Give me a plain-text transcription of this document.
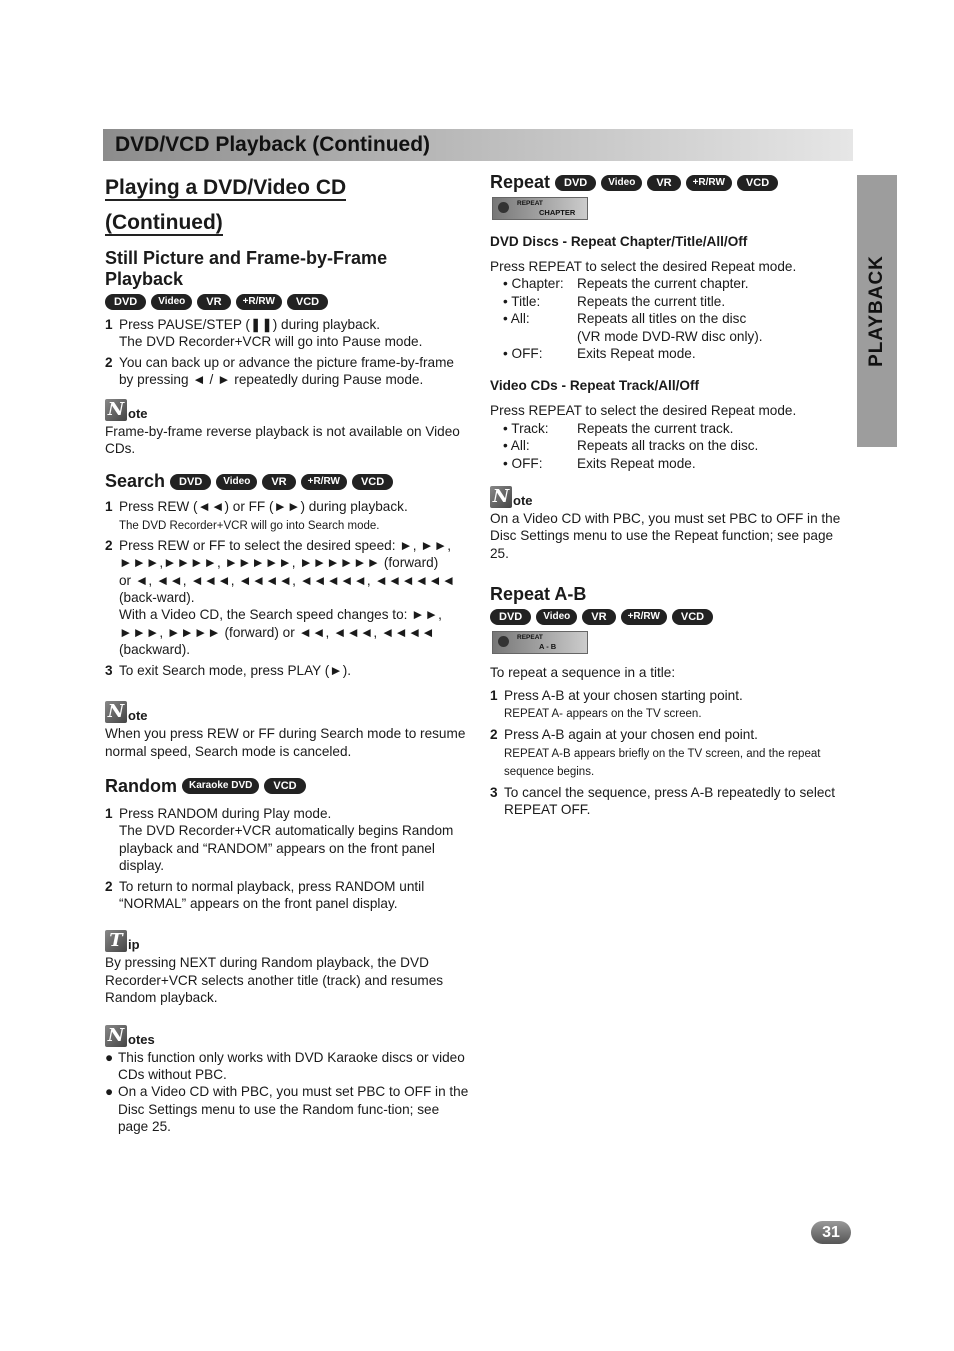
DVD/VCD Playback (Continued)
PLAYBACK
Playing a DVD/Video CD
(Continued)
Still Picture and Frame-by-Frame Playback
DVD	Video	VR	+R/RW	VCD
1 Press PAUSE/STEP (❚❚) during playback.
The DVD Recorder+VCR will go into Pause mode.
2 You can back up or advance the picture frame-by-frame by pressing ◄ / ► repeatedly during Pause mode.
N ote

Frame-by-frame reverse playback is not available on Video CDs.

Search	DVD	Video	VR	+R/RW	VCD
1 Press REW (◄◄) or FF (►►) during playback.
The DVD Recorder+VCR will go into Search mode.
2 Press REW or FF to select the desired speed: ►, ►►, ►►►,►►►►, ►►►►►, ►►►►►► (forward)
or ◄, ◄◄, ◄◄◄, ◄◄◄◄, ◄◄◄◄◄, ◄◄◄◄◄◄ (back-ward).
With a Video CD, the Search speed changes to: ►►, ►►►, ►►►► (forward) or ◄◄, ◄◄◄, ◄◄◄◄ (backward).
3 To exit Search mode, press PLAY (►).
N ote

When you press REW or FF during Search mode to resume normal speed, Search mode is canceled.

Random	Karaoke DVD	VCD
1 Press RANDOM during Play mode.
The DVD Recorder+VCR automatically begins Random playback and “RANDOM” appears on the front panel display.
2 To return to normal playback, press RANDOM until “NORMAL” appears on the front panel display.
T ip

By pressing NEXT during Random playback, the DVD Recorder+VCR selects another title (track) and resumes Random playback.

N otes
● This function only works with DVD Karaoke discs or video CDs without PBC.
● On a Video CD with PBC, you must set PBC to OFF in the Disc Settings menu to use the Random func-tion; see page 25.
Repeat	DVD	Video	VR	+R/RW	VCD
REPEAT
CHAPTER
DVD Discs - Repeat Chapter/Title/All/Off

Press REPEAT to select the desired Repeat mode.

• Chapter: Repeats the current chapter.
• Title:	Repeats the current title.
• All:	Repeats all titles on the disc
(VR mode DVD-RW disc only).
• OFF:	Exits Repeat mode.
Video CDs - Repeat Track/All/Off

Press REPEAT to select the desired Repeat mode.

• Track:	Repeats the current track.
• All:	Repeats all tracks on the disc.
• OFF:	Exits Repeat mode.
N ote

On a Video CD with PBC, you must set PBC to OFF in the Disc Settings menu to use the Repeat function; see page 25.

Repeat A-B
DVD	Video	VR	+R/RW	VCD
REPEAT
A - B

To repeat a sequence in a title:

1 Press A-B at your chosen starting point.
REPEAT A- appears on the TV screen.
2 Press A-B again at your chosen end point.
REPEAT A-B appears briefly on the TV screen, and the repeat sequence begins.
3 To cancel the sequence, press A-B repeatedly to select REPEAT OFF.
31
